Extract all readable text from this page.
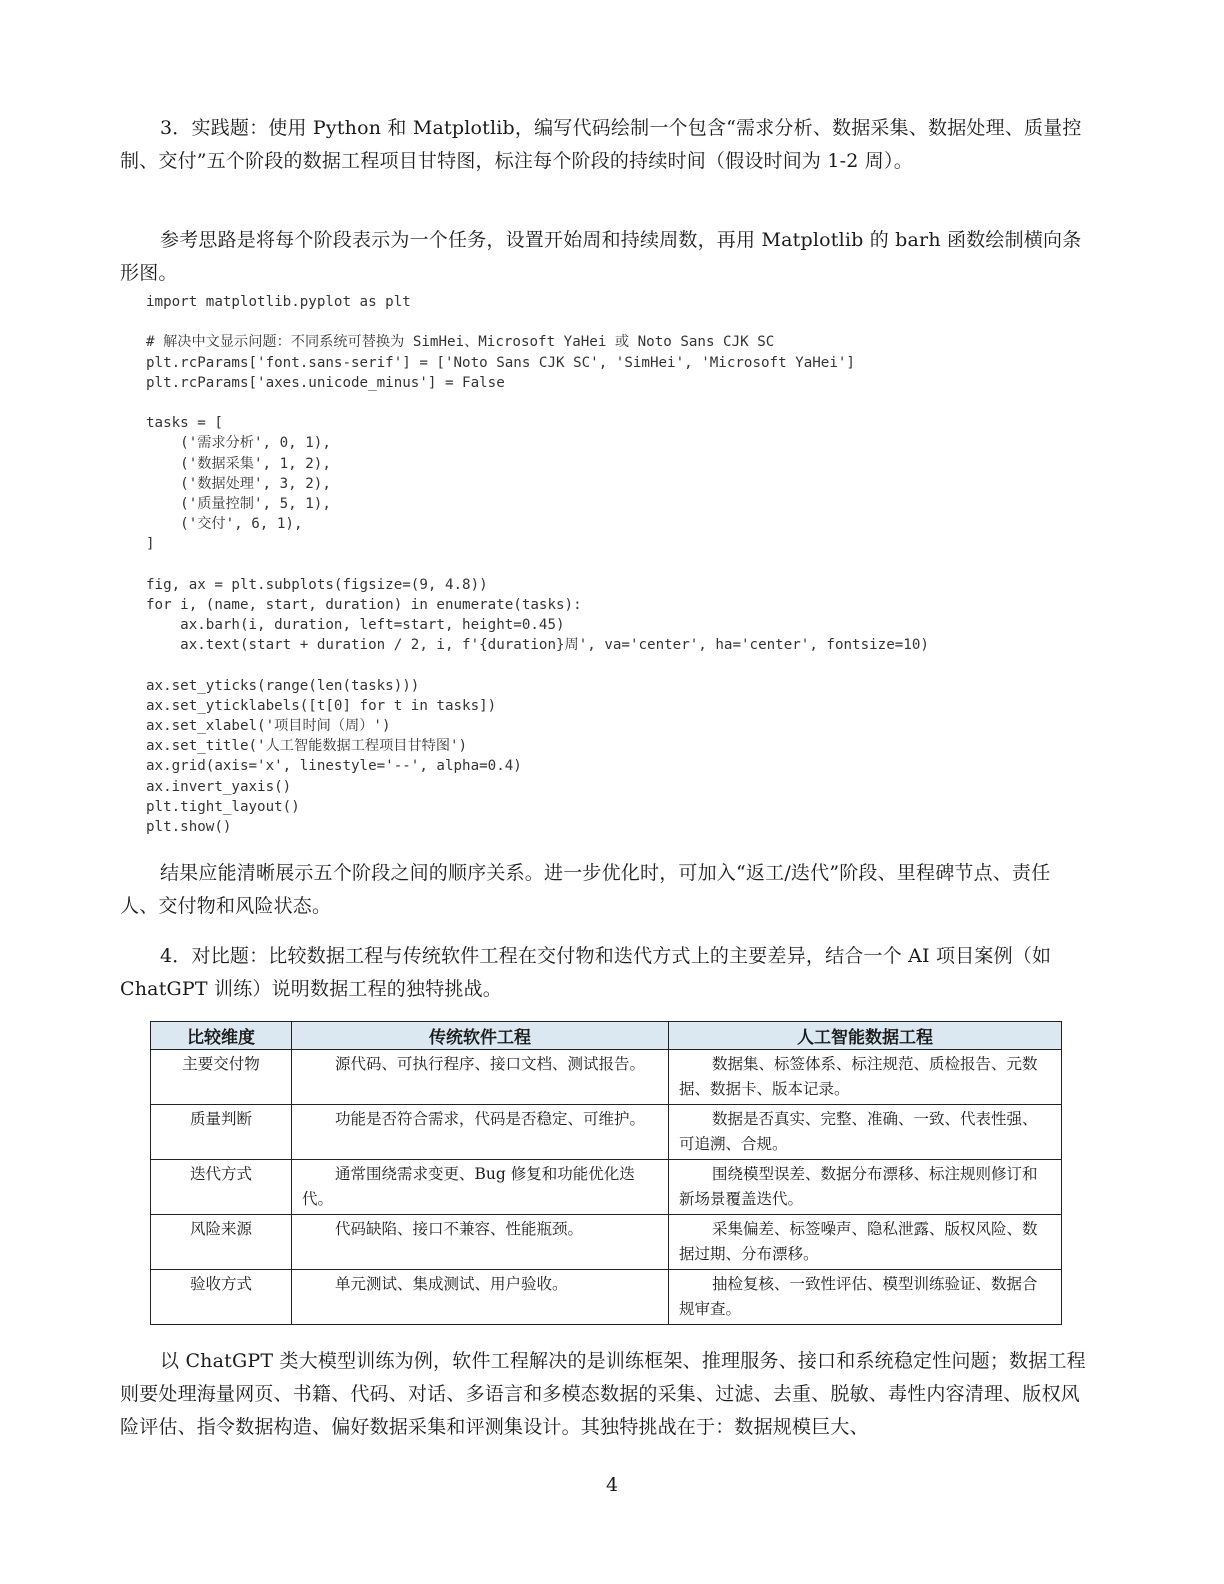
3．实践题：使用 Python 和 Matplotlib，编写代码绘制一个包含“需求分析、数据采集、数据处理、质量控制、交付”五个阶段的数据工程项目甘特图，标注每个阶段的持续时间（假设时间为 1-2 周）。

参考思路是将每个阶段表示为一个任务，设置开始周和持续周数，再用 Matplotlib 的 barh 函数绘制横向条形图。

import matplotlib.pyplot as plt
# 解决中文显示问题：不同系统可替换为 SimHei、Microsoft YaHei 或 Noto Sans CJK SC
plt.rcParams['font.sans-serif'] = ['Noto Sans CJK SC', 'SimHei', 'Microsoft YaHei']
plt.rcParams['axes.unicode_minus'] = False
tasks = [
('需求分析', 0, 1),
('数据采集', 1, 2),
('数据处理', 3, 2),
('质量控制', 5, 1),
('交付', 6, 1),
]
fig, ax = plt.subplots(figsize=(9, 4.8))
for i, (name, start, duration) in enumerate(tasks):
ax.barh(i, duration, left=start, height=0.45)
ax.text(start + duration / 2, i, f'{duration}周', va='center', ha='center', fontsize=10)
ax.set_yticks(range(len(tasks)))
ax.set_yticklabels([t[0] for t in tasks])
ax.set_xlabel('项目时间（周）')
ax.set_title('人工智能数据工程项目甘特图')
ax.grid(axis='x', linestyle='--', alpha=0.4)
ax.invert_yaxis()
plt.tight_layout()
plt.show()

结果应能清晰展示五个阶段之间的顺序关系。进一步优化时，可加入“返工/迭代”阶段、里程碑节点、责任人、交付物和风险状态。

4．对比题：比较数据工程与传统软件工程在交付物和迭代方式上的主要差异，结合一个 AI 项目案例（如 ChatGPT 训练）说明数据工程的独特挑战。

比较维度	传统软件工程	人工智能数据工程
主要交付物	源代码、可执行程序、接口文档、测试报告。	数据集、标签体系、标注规范、质检报告、元数据、数据卡、版本记录。
质量判断	功能是否符合需求，代码是否稳定、可维护。	数据是否真实、完整、准确、一致、代表性强、可追溯、合规。
迭代方式	通常围绕需求变更、Bug 修复和功能优化迭代。	围绕模型误差、数据分布漂移、标注规则修订和新场景覆盖迭代。
风险来源	代码缺陷、接口不兼容、性能瓶颈。	采集偏差、标签噪声、隐私泄露、版权风险、数据过期、分布漂移。
验收方式	单元测试、集成测试、用户验收。	抽检复核、一致性评估、模型训练验证、数据合规审查。

以 ChatGPT 类大模型训练为例，软件工程解决的是训练框架、推理服务、接口和系统稳定性问题；数据工程则要处理海量网页、书籍、代码、对话、多语言和多模态数据的采集、过滤、去重、脱敏、毒性内容清理、版权风险评估、指令数据构造、偏好数据采集和评测集设计。其独特挑战在于：数据规模巨大、

4
